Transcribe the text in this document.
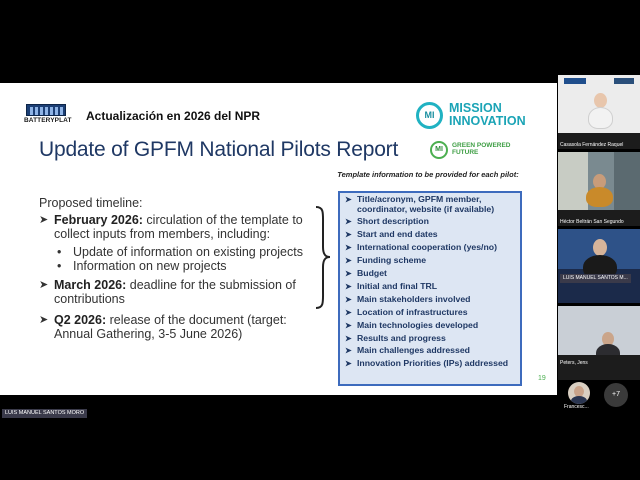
BATTERYPLAT Actualización en 2026 del NPR	MI	MISSION
INNOVATION
MI	GREEN POWERED
FUTURE
Update of GPFM National Pilots Report
Proposed timeline:
➤ February 2026: circulation of the template to collect inputs from members, including:
• Update of information on existing projects
• Information on new projects
➤ March 2026: deadline for the submission of contributions
➤ Q2 2026: release of the document (target: Annual Gathering, 3-5 June 2026)
Template information to be provided for each pilot:
➤ Title/acronym, GPFM member, coordinator, website (if available)
➤ Short description
➤ Start and end dates
➤ International cooperation (yes/no)
➤ Funding scheme
➤ Budget
➤ Initial and final TRL
➤ Main stakeholders involved
➤ Location of infrastructures
➤ Main technologies developed
➤ Results and progress
➤ Main challenges addressed
➤ Innovation Priorities (IPs) addressed
19
LUIS MANUEL SANTOS MORO
Casasola Fernández Raquel
Héctor Beltrán San Segundo
LUIS MANUEL SANTOS M...
Peters, Jens
Francesc...
+7
